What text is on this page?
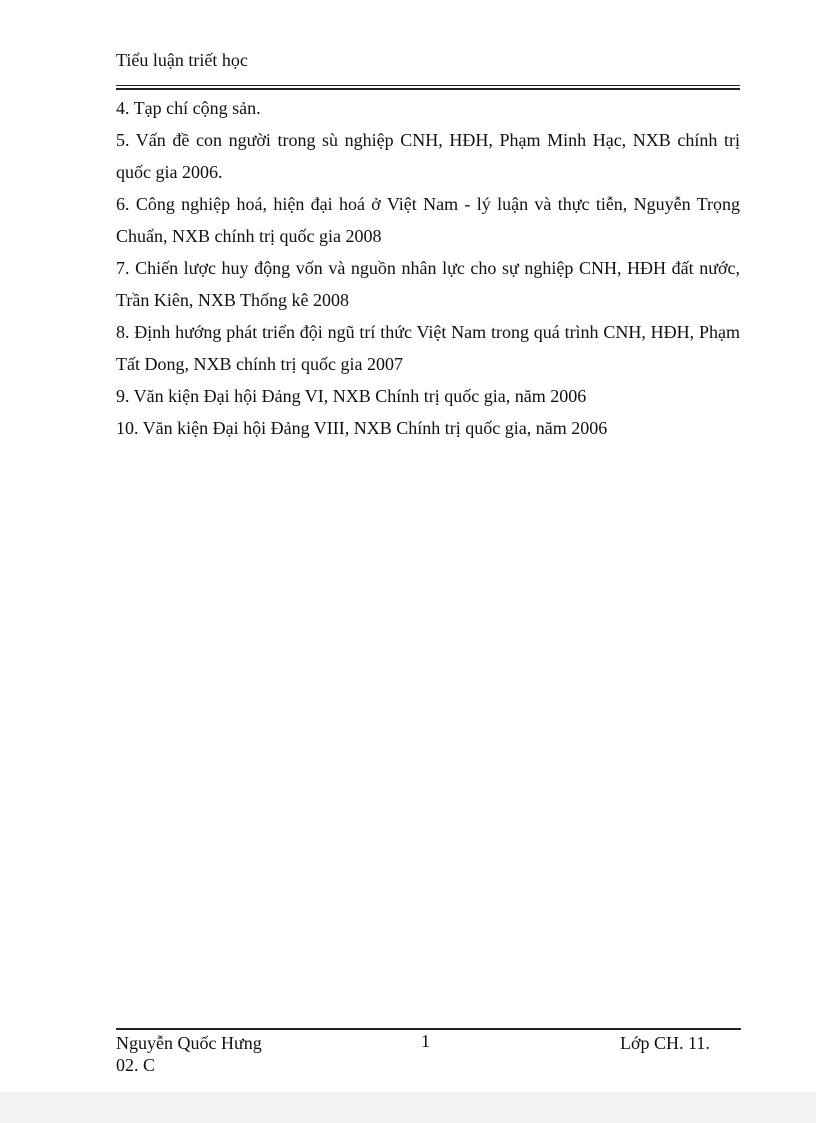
Tiểu luận triết học
4. Tạp chí cộng sản.
5. Vấn đề con người trong sù nghiệp CNH, HĐH, Phạm Minh Hạc, NXB chính trị quốc gia 2006.
6. Công nghiệp hoá, hiện đại hoá ở Việt Nam - lý luận và thực tiễn, Nguyễn Trọng Chuẩn, NXB chính trị quốc gia 2008
7. Chiến lược huy động vốn và nguồn nhân lực cho sự nghiệp CNH, HĐH đất nước, Trần Kiên, NXB Thống kê 2008
8. Định hướng phát triển đội ngũ trí thức Việt Nam trong quá trình CNH, HĐH, Phạm Tất Dong, NXB chính trị quốc gia 2007
9. Văn kiện Đại hội Đảng VI, NXB Chính trị quốc gia, năm 2006
10. Văn kiện Đại hội Đảng VIII, NXB Chính trị quốc gia, năm 2006
Nguyễn Quốc Hưng	1	Lớp CH. 11.
02. C
